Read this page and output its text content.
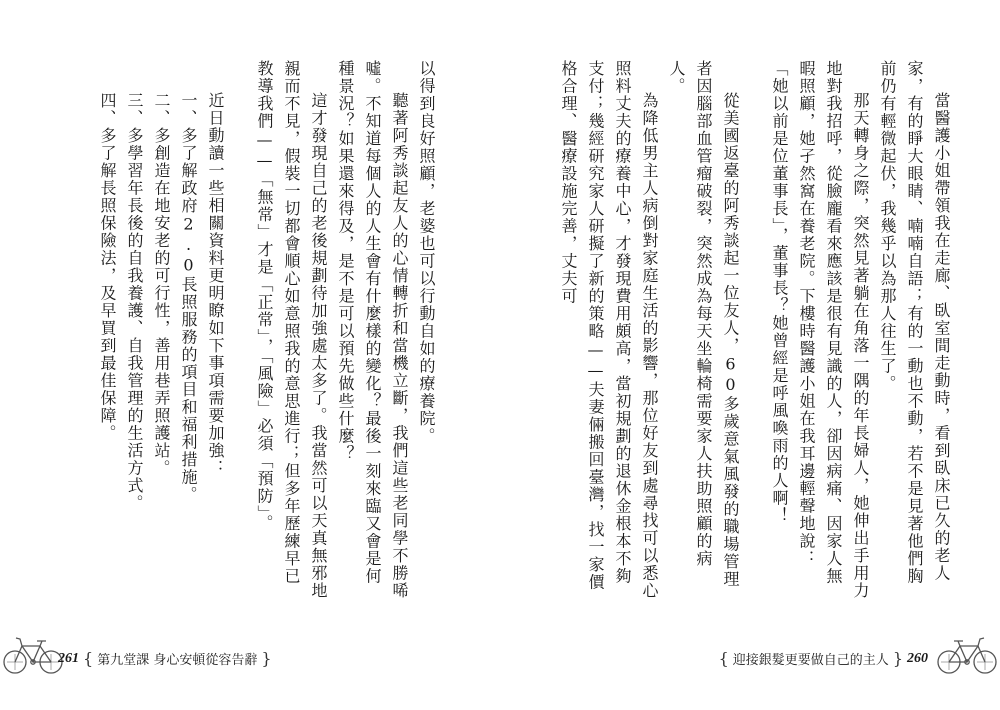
當醫護小姐帶領我在走廊、臥室間走動時，看到臥床已久的老人家，有的睜大眼睛、喃喃自語；有的一動也不動，若不是見著他們胸前仍有輕微起伏，我幾乎以為那人往生了。

那天轉身之際，突然見著躺在角落一隅的年長婦人，她伸出手用力地對我招呼，從臉龐看來應該是很有見識的人，卻因病痛、因家人無暇照顧，她孑然窩在養老院。下樓時醫護小姐在我耳邊輕聲地說：「她以前是位董事長」，董事長？她曾經是呼風喚雨的人啊！

從美國返臺的阿秀談起一位友人，60多歲意氣風發的職場管理者因腦部血管瘤破裂，突然成為每天坐輪椅需要家人扶助照顧的病人。

為降低男主人病倒對家庭生活的影響，那位好友到處尋找可以悉心照料丈夫的療養中心，才發現費用頗高，當初規劃的退休金根本不夠支付；幾經研究家人研擬了新的策略——夫妻倆搬回臺灣，找一家價格合理、醫療設施完善，丈夫可

{ 迎接銀髮更要做自己的主人 } 260

以得到良好照顧，老婆也可以行動自如的療養院。

聽著阿秀談起友人的心情轉折和當機立斷，我們這些老同學不勝唏噓。不知道每個人的人生會有什麼樣的變化？最後一刻來臨又會是何種景況？如果還來得及，是不是可以預先做些什麼？

這才發現自己的老後規劃待加強處太多了。我當然可以天真無邪地親而不見，假裝一切都會順心如意照我的意思進行；但多年歷練早已教導我們——「無常」才是「正常」，「風險」必須「預防」。

近日動讀一些相關資料更明瞭如下事項需要加強：

一、多了解政府2.0長照服務的項目和福利措施。

二、多創造在地安老的可行性，善用巷弄照護站。

三、多學習年長後的自我養護、自我管理的生活方式。

四、多了解長照保險法，及早買到最佳保障。

261 { 第九堂課 身心安頓從容告辭 }
